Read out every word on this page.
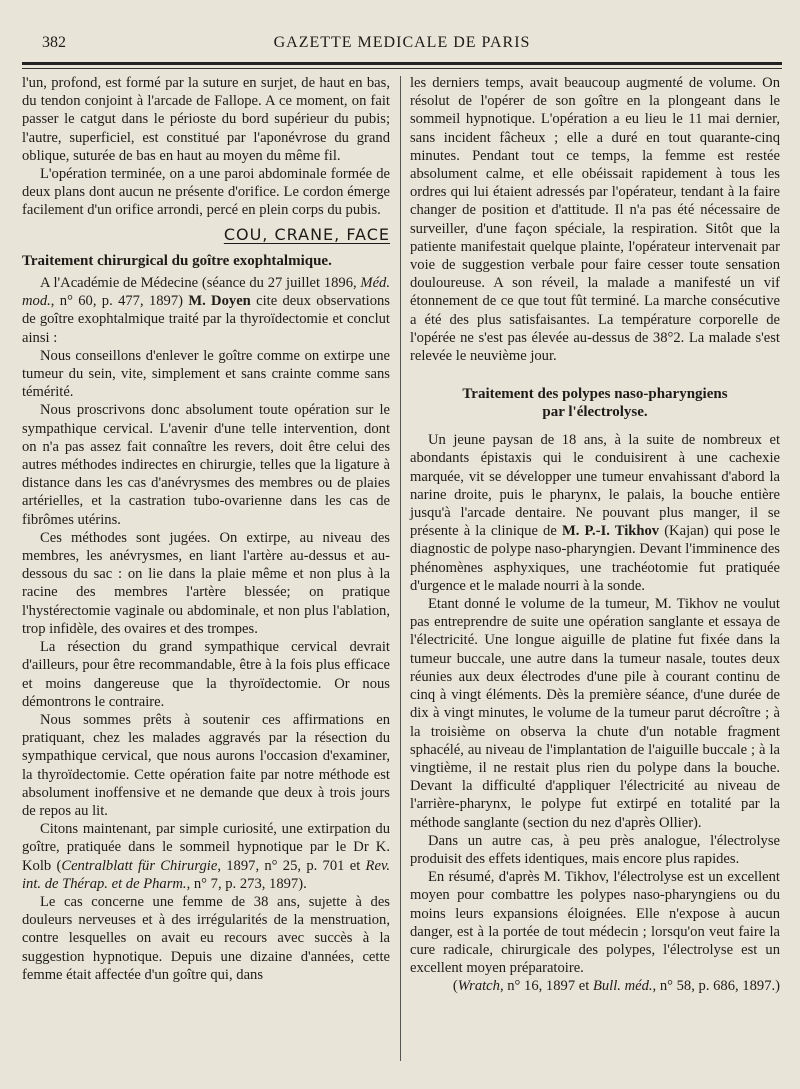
382	GAZETTE MEDICALE DE PARIS

l'un, profond, est formé par la suture en surjet, de haut en bas, du tendon conjoint à l'arcade de Fallope. A ce moment, on fait passer le catgut dans le périoste du bord supérieur du pubis; l'autre, superficiel, est constitué par l'aponévrose du grand oblique, suturée de bas en haut au moyen du même fil.

L'opération terminée, on a une paroi abdominale formée de deux plans dont aucun ne présente d'orifice. Le cordon émerge facilement d'un orifice arrondi, percé en plein corps du pubis.

COU, CRANE, FACE
Traitement chirurgical du goître exophtalmique.

A l'Académie de Médecine (séance du 27 juillet 1896, Méd. mod., n° 60, p. 477, 1897) M. Doyen cite deux observations de goître exophtalmique traité par la thyroïdectomie et conclut ainsi :

Nous conseillons d'enlever le goître comme on extirpe une tumeur du sein, vite, simplement et sans crainte comme sans témérité.

Nous proscrivons donc absolument toute opération sur le sympathique cervical. L'avenir d'une telle intervention, dont on n'a pas assez fait connaître les revers, doit être celui des autres méthodes indirectes en chirurgie, telles que la ligature à distance dans les cas d'anévrysmes des membres ou de plaies artérielles, et la castration tubo-ovarienne dans les cas de fibrômes utérins.

Ces méthodes sont jugées. On extirpe, au niveau des membres, les anévrysmes, en liant l'artère au-dessus et au-dessous du sac : on lie dans la plaie même et non plus à la racine des membres l'artère blessée; on pratique l'hystérectomie vaginale ou abdominale, et non plus l'ablation, trop infidèle, des ovaires et des trompes.

La résection du grand sympathique cervical devrait d'ailleurs, pour être recommandable, être à la fois plus efficace et moins dangereuse que la thyroïdectomie. Or nous démontrons le contraire.

Nous sommes prêts à soutenir ces affirmations en pratiquant, chez les malades aggravés par la résection du sympathique cervical, que nous aurons l'occasion d'examiner, la thyroïdectomie. Cette opération faite par notre méthode est absolument inoffensive et ne demande que deux à trois jours de repos au lit.

Citons maintenant, par simple curiosité, une extirpation du goître, pratiquée dans le sommeil hypnotique par le Dr K. Kolb (Centralblatt für Chirurgie, 1897, n° 25, p. 701 et Rev. int. de Thérap. et de Pharm., n° 7, p. 273, 1897).

Le cas concerne une femme de 38 ans, sujette à des douleurs nerveuses et à des irrégularités de la menstruation, contre lesquelles on avait eu recours avec succès à la suggestion hypnotique. Depuis une dizaine d'années, cette femme était affectée d'un goître qui, dans

les derniers temps, avait beaucoup augmenté de volume. On résolut de l'opérer de son goître en la plongeant dans le sommeil hypnotique. L'opération a eu lieu le 11 mai dernier, sans incident fâcheux ; elle a duré en tout quarante-cinq minutes. Pendant tout ce temps, la femme est restée absolument calme, et elle obéissait rapidement à tous les ordres qui lui étaient adressés par l'opérateur, tendant à la faire changer de position et d'attitude. Il n'a pas été nécessaire de surveiller, d'une façon spéciale, la respiration. Sitôt que la patiente manifestait quelque plainte, l'opérateur intervenait par voie de suggestion verbale pour faire cesser toute sensation douloureuse. A son réveil, la malade a manifesté un vif étonnement de ce que tout fût terminé. La marche consécutive a été des plus satisfaisantes. La température corporelle de l'opérée ne s'est pas élevée au-dessus de 38°2. La malade s'est relevée le neuvième jour.

Traitement des polypes naso-pharyngiens
par l'électrolyse.

Un jeune paysan de 18 ans, à la suite de nombreux et abondants épistaxis qui le conduisirent à une cachexie marquée, vit se développer une tumeur envahissant d'abord la narine droite, puis le pharynx, le palais, la bouche entière jusqu'à l'arcade dentaire. Ne pouvant plus manger, il se présente à la clinique de M. P.-I. Tikhov (Kajan) qui pose le diagnostic de polype naso-pharyngien. Devant l'imminence des phénomènes asphyxiques, une trachéotomie fut pratiquée d'urgence et le malade nourri à la sonde.

Etant donné le volume de la tumeur, M. Tikhov ne voulut pas entreprendre de suite une opération sanglante et essaya de l'électricité. Une longue aiguille de platine fut fixée dans la tumeur buccale, une autre dans la tumeur nasale, toutes deux réunies aux deux électrodes d'une pile à courant continu de cinq à vingt éléments. Dès la première séance, d'une durée de dix à vingt minutes, le volume de la tumeur parut décroître ; à la troisième on observa la chute d'un notable fragment sphacélé, au niveau de l'implantation de l'aiguille buccale ; à la vingtième, il ne restait plus rien du polype dans la bouche. Devant la difficulté d'appliquer l'électricité au niveau de l'arrière-pharynx, le polype fut extirpé en totalité par la méthode sanglante (section du nez d'après Ollier).

Dans un autre cas, à peu près analogue, l'électrolyse produisit des effets identiques, mais encore plus rapides.

En résumé, d'après M. Tikhov, l'électrolyse est un excellent moyen pour combattre les polypes naso-pharyngiens ou du moins leurs expansions éloignées. Elle n'expose à aucun danger, est à la portée de tout médecin ; lorsqu'on veut faire la cure radicale, chirurgicale des polypes, l'électrolyse est un excellent moyen préparatoire.

(Wratch, n° 16, 1897 et Bull. méd., n° 58, p. 686, 1897.)
